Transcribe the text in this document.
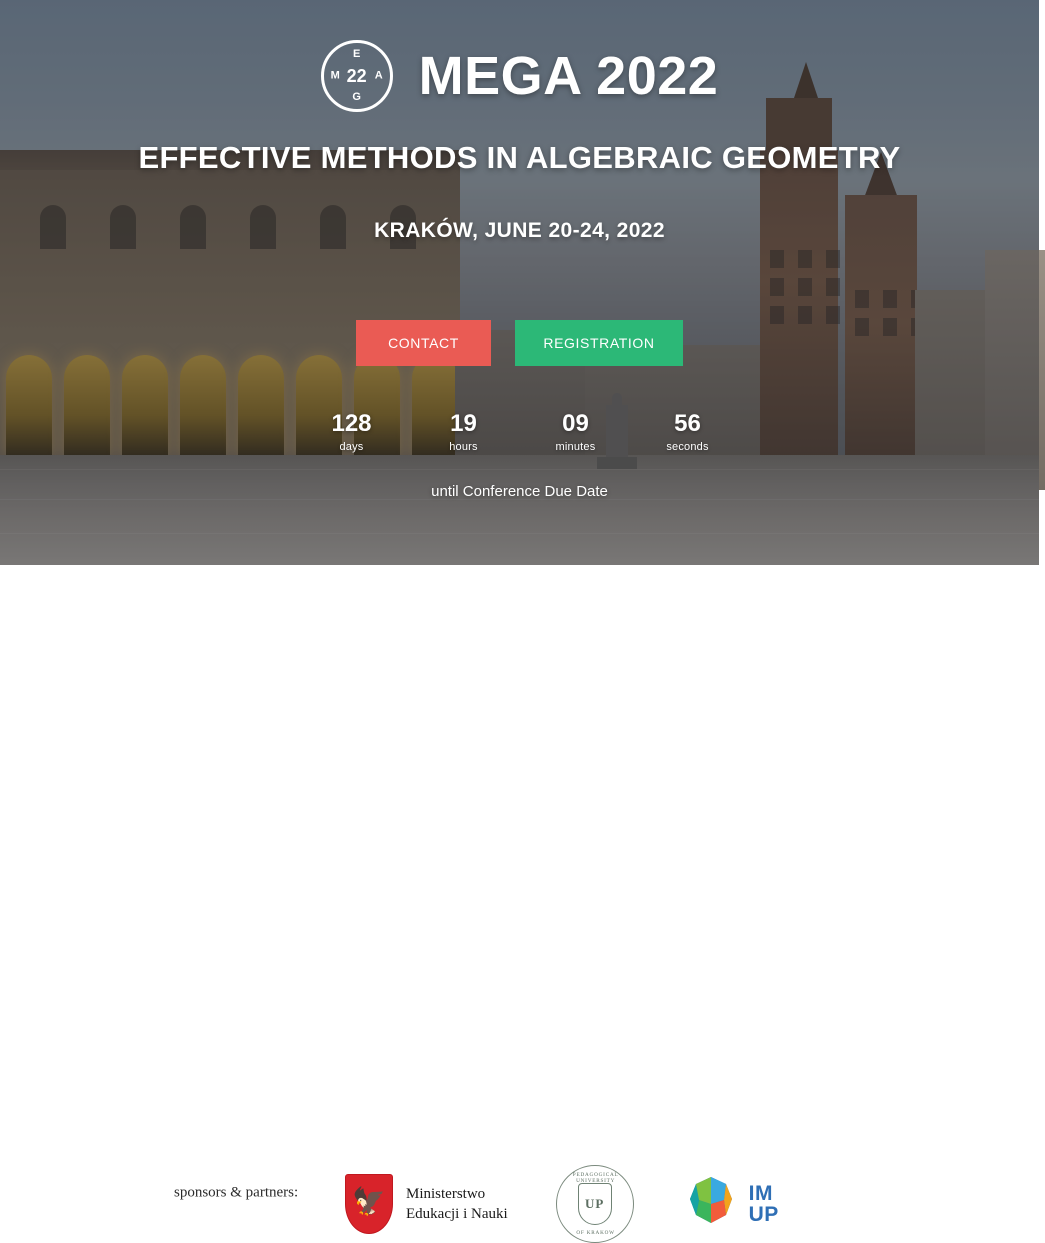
E
M 22 A
G MEGA 2022
EFFECTIVE METHODS IN ALGEBRAIC GEOMETRY
KRAKÓW, JUNE 20-24, 2022
CONTACT	REGISTRATION
128
days
19
hours
09
minutes
56
seconds
until Conference Due Date
sponsors & partners: 🦅 Ministerstwo
Edukacji i Nauki
PEDAGOGICAL UNIVERSITY
UP
OF KRAKOW
IM
UP
